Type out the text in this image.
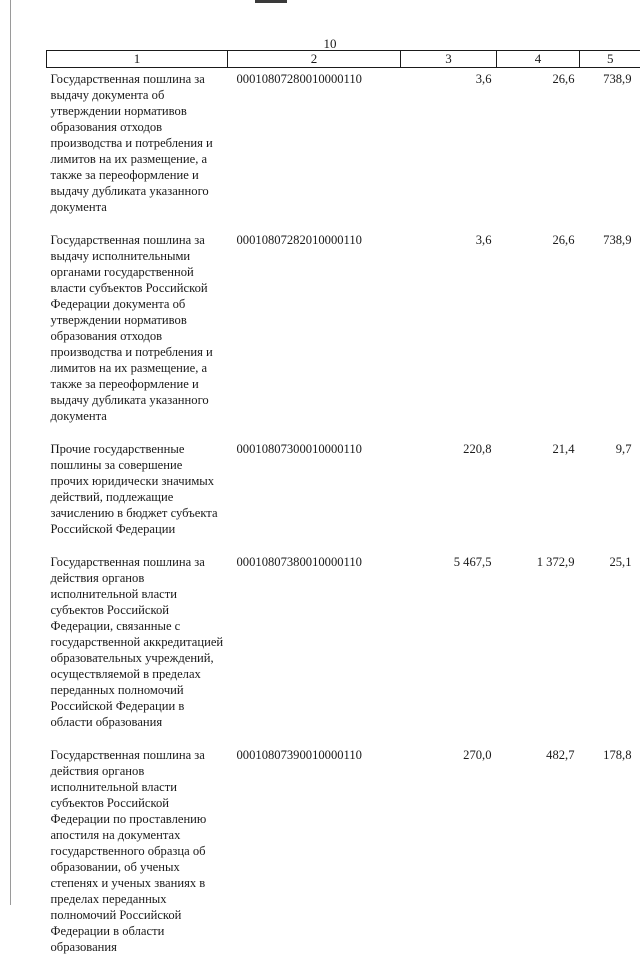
10
1	2	3	4	5

Государственная пошлина за выдачу документа об утверждении нормативов образования отходов производства и потребления и лимитов на их размещение, а также за переоформление и выдачу дубликата указанного документа	00010807280010000110	3,6	26,6	738,9

Государственная пошлина за выдачу исполнительными органами государственной власти субъектов Российской Федерации документа об утверждении нормативов образования отходов производства и потребления и лимитов на их размещение, а также за переоформление и выдачу дубликата указанного документа	00010807282010000110	3,6	26,6	738,9

Прочие государственные пошлины за совершение прочих юридически значимых действий, подлежащие зачислению в бюджет субъекта Российской Федерации	00010807300010000110	220,8	21,4	9,7

Государственная пошлина за действия органов исполнительной власти субъектов Российской Федерации, связанные с государственной аккредитацией образовательных учреждений, осуществляемой в пределах переданных полномочий Российской Федерации в области образования	00010807380010000110	5 467,5	1 372,9	25,1

Государственная пошлина за действия органов исполнительной власти субъектов Российской Федерации по проставлению апостиля на документах государственного образца об образовании, об ученых степенях и ученых званиях в пределах переданных полномочий Российской Федерации в области образования	00010807390010000110	270,0	482,7	178,8
